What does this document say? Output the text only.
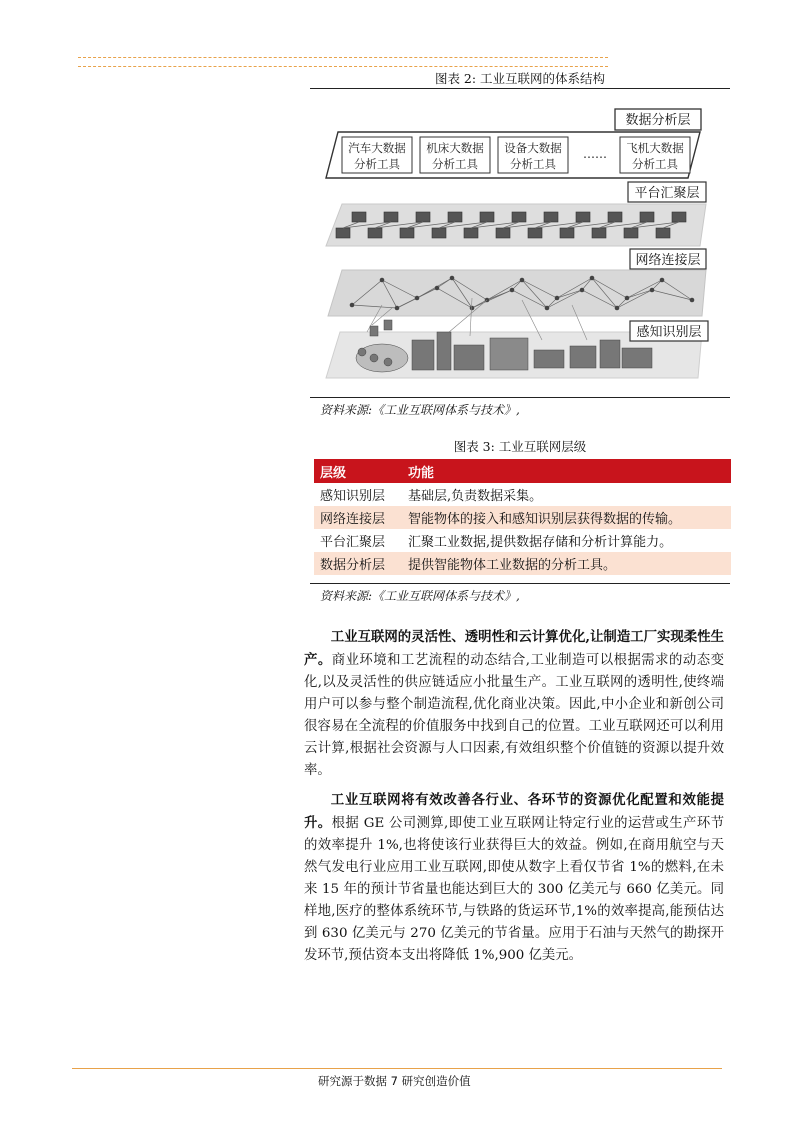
图表 2: 工业互联网的体系结构
数据分析层
汽车大数据
分析工具
机床大数据
分析工具
设备大数据
分析工具
…… 飞机大数据
分析工具
平台汇聚层
网络连接层
感知识别层
资料来源:《工业互联网体系与技术》,
图表 3: 工业互联网层级
层级	功能
感知识别层	基础层,负责数据采集。
网络连接层	智能物体的接入和感知识别层获得数据的传输。
平台汇聚层	汇聚工业数据,提供数据存储和分析计算能力。
数据分析层	提供智能物体工业数据的分析工具。
资料来源:《工业互联网体系与技术》,
工业互联网的灵活性、透明性和云计算优化,让制造工厂实现柔性生产。商业环境和工艺流程的动态结合,工业制造可以根据需求的动态变化,以及灵活性的供应链适应小批量生产。工业互联网的透明性,使终端用户可以参与整个制造流程,优化商业决策。因此,中小企业和新创公司很容易在全流程的价值服务中找到自己的位置。工业互联网还可以利用云计算,根据社会资源与人口因素,有效组织整个价值链的资源以提升效率。
工业互联网将有效改善各行业、各环节的资源优化配置和效能提升。根据 GE 公司测算,即使工业互联网让特定行业的运营或生产环节的效率提升 1%,也将使该行业获得巨大的效益。例如,在商用航空与天然气发电行业应用工业互联网,即使从数字上看仅节省 1%的燃料,在未来 15 年的预计节省量也能达到巨大的 300 亿美元与 660 亿美元。同样地,医疗的整体系统环节,与铁路的货运环节,1%的效率提高,能预估达到 630 亿美元与 270 亿美元的节省量。应用于石油与天然气的勘探开发环节,预估资本支出将降低 1%,900 亿美元。
研究源于数据 7 研究创造价值
